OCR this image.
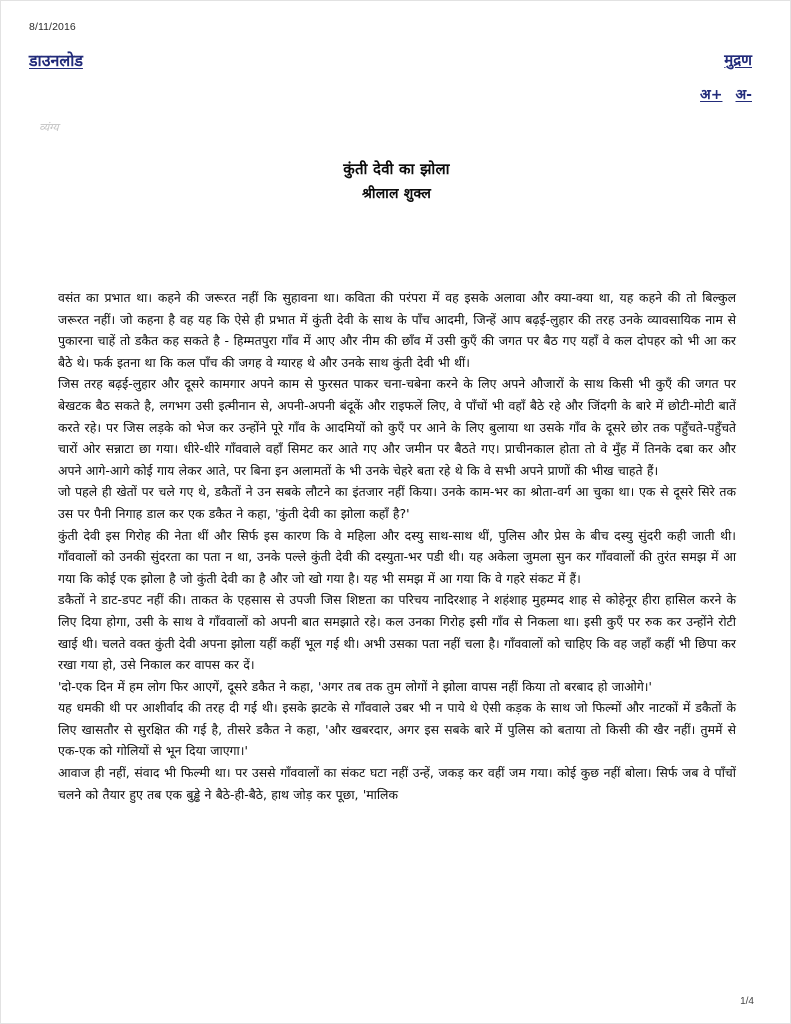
8/11/2016
डाउनलोड	मुद्रण
अ+ अ-
व्यंग्य
कुंती देवी का झोला
श्रीलाल शुक्ल

वसंत का प्रभात था। कहने की जरूरत नहीं कि सुहावना था। कविता की परंपरा में वह इसके अलावा और क्या-क्या था, यह कहने की तो बिल्कुल जरूरत नहीं। जो कहना है वह यह कि ऐसे ही प्रभात में कुंती देवी के साथ के पाँच आदमी, जिन्हें आप बढ़ई-लुहार की तरह उनके व्यावसायिक नाम से पुकारना चाहें तो डकैत कह सकते है - हिम्मतपुरा गाँव में आए और नीम की छाँव में उसी कुएँ की जगत पर बैठ गए यहाँ वे कल दोपहर को भी आ कर बैठे थे। फर्क इतना था कि कल पाँच की जगह वे ग्यारह थे और उनके साथ कुंती देवी भी थीं।

जिस तरह बढ़ई-लुहार और दूसरे कामगार अपने काम से फुरसत पाकर चना-चबेना करने के लिए अपने औजारों के साथ किसी भी कुएँ की जगत पर बेखटक बैठ सकते है, लगभग उसी इत्मीनान से, अपनी-अपनी बंदूकें और राइफलें लिए, वे पाँचों भी वहाँ बैठे रहे और जिंदगी के बारे में छोटी-मोटी बातें करते रहे। पर जिस लड़के को भेज कर उन्होंने पूरे गाँव के आदमियों को कुएँ पर आने के लिए बुलाया था उसके गाँव के दूसरे छोर तक पहुँचते-पहुँचते चारों ओर सन्नाटा छा गया। धीरे-धीरे गाँववाले वहाँ सिमट कर आते गए और जमीन पर बैठते गए। प्राचीनकाल होता तो वे मुँह में तिनके दबा कर और अपने आगे-आगे कोई गाय लेकर आते, पर बिना इन अलामतों के भी उनके चेहरे बता रहे थे कि वे सभी अपने प्राणों की भीख चाहते हैं।

जो पहले ही खेतों पर चले गए थे, डकैतों ने उन सबके लौटने का इंतजार नहीं किया। उनके काम-भर का श्रोता-वर्ग आ चुका था। एक से दूसरे सिरे तक उस पर पैनी निगाह डाल कर एक डकैत ने कहा, 'कुंती देवी का झोला कहाँ है?'

कुंती देवी इस गिरोह की नेता थीं और सिर्फ इस कारण कि वे महिला और दस्यु साथ-साथ थीं, पुलिस और प्रेस के बीच दस्यु सुंदरी कही जाती थी। गाँववालों को उनकी सुंदरता का पता न था, उनके पल्ले कुंती देवी की दस्युता-भर पडी थी। यह अकेला जुमला सुन कर गाँववालों की तुरंत समझ में आ गया कि कोई एक झोला है जो कुंती देवी का है और जो खो गया है। यह भी समझ में आ गया कि वे गहरे संकट में हैं।

डकैतों ने डाट-डपट नहीं की। ताकत के एहसास से उपजी जिस शिष्टता का परिचय नादिरशाह ने शहंशाह मुहम्मद शाह से कोहेनूर हीरा हासिल करने के लिए दिया होगा, उसी के साथ वे गाँववालों को अपनी बात समझाते रहे। कल उनका गिरोह इसी गाँव से निकला था। इसी कुएँ पर रुक कर उन्होंने रोटी खाई थी। चलते वक्त कुंती देवी अपना झोला यहीं कहीं भूल गई थी। अभी उसका पता नहीं चला है। गाँववालों को चाहिए कि वह जहाँ कहीं भी छिपा कर रखा गया हो, उसे निकाल कर वापस कर दें।

'दो-एक दिन में हम लोग फिर आएगें, दूसरे डकैत ने कहा, 'अगर तब तक तुम लोगों ने झोला वापस नहीं किया तो बरबाद हो जाओगे।'

यह धमकी थी पर आशीर्वाद की तरह दी गई थी। इसके झटके से गाँववाले उबर भी न पाये थे ऐसी कड़क के साथ जो फिल्मों और नाटकों में डकैतों के लिए खासतौर से सुरक्षित की गई है, तीसरे डकैत ने कहा, 'और खबरदार, अगर इस सबके बारे में पुलिस को बताया तो किसी की खैर नहीं। तुममें से एक-एक को गोलियों से भून दिया जाएगा।'

आवाज ही नहीं, संवाद भी फिल्मी था। पर उससे गाँववालों का संकट घटा नहीं उन्हें, जकड़ कर वहीं जम गया। कोई कुछ नहीं बोला। सिर्फ जब वे पाँचों चलने को तैयार हुए तब एक बुड्ढे ने बैठे-ही-बैठे, हाथ जोड़ कर पूछा, 'मालिक

1/4
